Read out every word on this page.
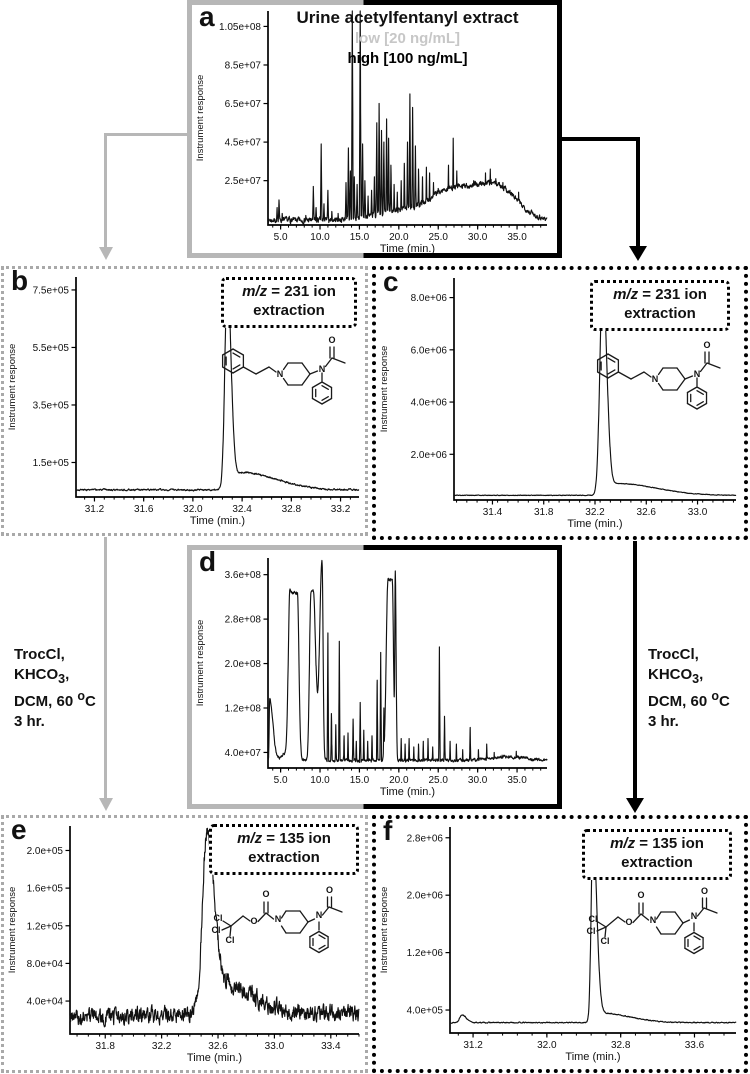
a	Urine acetylfentanyl extract
low [20 ng/mL]
high [100 ng/mL]
5.0 10.0 15.0 20.0 25.0 30.0 35.0
2.5e+07
4.5e+07
6.5e+07
8.5e+07
1.05e+08
Time (min.)
Instrument response
b	m/z = 231 ion
extraction
N	N
O
31.2	31.6	32.0	32.4	32.8	33.2
1.5e+05
3.5e+05
5.5e+05
7.5e+05
Time (min.)
Instrument response
c	m/z = 231 ion
extraction
N	N
O
31.4	31.8	32.2	32.6	33.0
2.0e+06
4.0e+06
6.0e+06
8.0e+06
Time (min.)
Instrument response
d
5.0 10.0 15.0 20.0 25.0 30.0 35.0
4.0e+07
1.2e+08
2.0e+08
2.8e+08
3.6e+08
Time (min.)
Instrument response
e	m/z = 135 ion
extraction
Cl
Cl
Cl
O
O
N	N
O
31.8	32.2	32.6	33.0	33.4
4.0e+04
8.0e+04
1.2e+05
1.6e+05
2.0e+05
Time (min.)
Instrument response
f	m/z = 135 ion
extraction
Cl
Cl
Cl
O
O
N	N
O
31.2	32.0	32.8	33.6
4.0e+05
1.2e+06
2.0e+06
2.8e+06
Time (min.)
Instrument response
TrocCl,
$KHCO_3$,
DCM, 60 $^o$C
3 hr.
TrocCl,
$KHCO_3$,
DCM, 60 $^o$C
3 hr.
